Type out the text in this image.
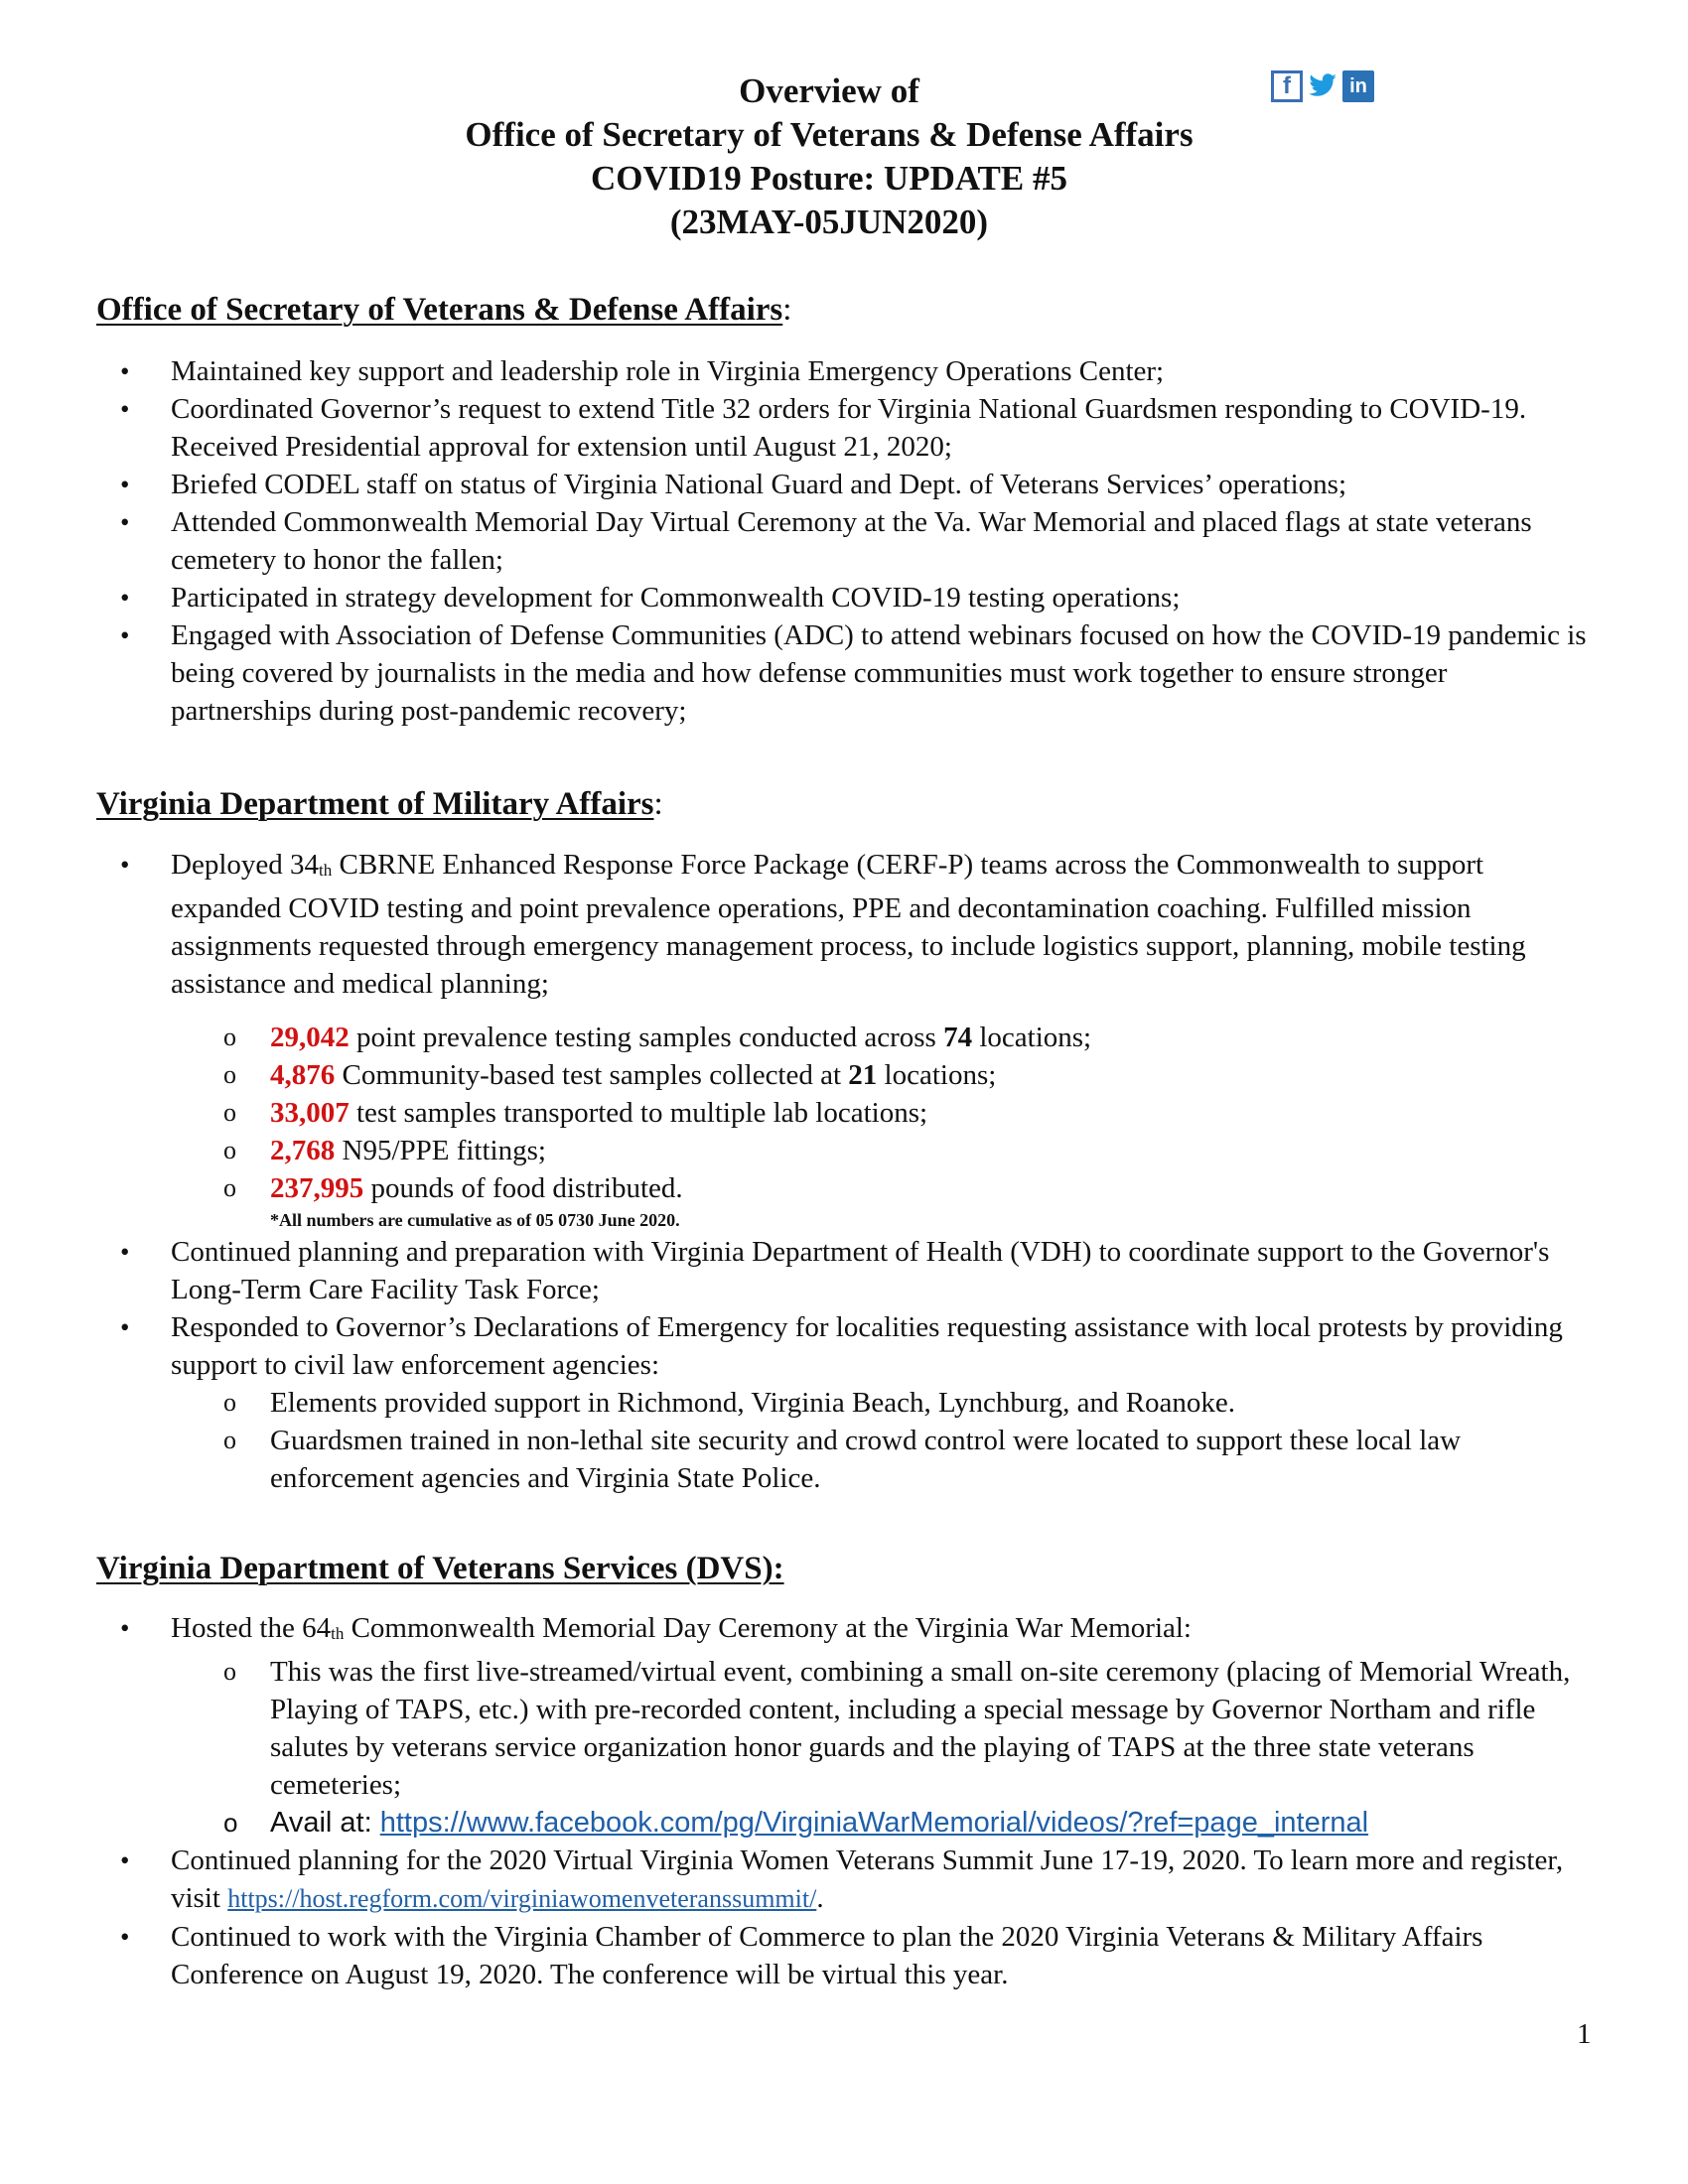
Overview of
Office of Secretary of Veterans & Defense Affairs
COVID19 Posture: UPDATE #5
(23MAY-05JUN2020)
f	in
Office of Secretary of Veterans & Defense Affairs:
• Maintained key support and leadership role in Virginia Emergency Operations Center;
• Coordinated Governor’s request to extend Title 32 orders for Virginia National Guardsmen responding to COVID-19. Received Presidential approval for extension until August 21, 2020;
• Briefed CODEL staff on status of Virginia National Guard and Dept. of Veterans Services’ operations;
• Attended Commonwealth Memorial Day Virtual Ceremony at the Va. War Memorial and placed flags at state veterans cemetery to honor the fallen;
• Participated in strategy development for Commonwealth COVID-19 testing operations;
• Engaged with Association of Defense Communities (ADC) to attend webinars focused on how the COVID-19 pandemic is being covered by journalists in the media and how defense communities must work together to ensure stronger partnerships during post-pandemic recovery;
Virginia Department of Military Affairs:
• Deployed $34_{th}$ CBRNE Enhanced Response Force Package (CERF-P) teams across the Commonwealth to support expanded COVID testing and point prevalence operations, PPE and decontamination coaching. Fulfilled mission assignments requested through emergency management process, to include logistics support, planning, mobile testing assistance and medical planning;
o 29,042 point prevalence testing samples conducted across 74 locations;
o 4,876 Community-based test samples collected at 21 locations;
o 33,007 test samples transported to multiple lab locations;
o 2,768 N95/PPE fittings;
o 237,995 pounds of food distributed.
*All numbers are cumulative as of 05 0730 June 2020.
• Continued planning and preparation with Virginia Department of Health (VDH) to coordinate support to the Governor's Long-Term Care Facility Task Force;
• Responded to Governor’s Declarations of Emergency for localities requesting assistance with local protests by providing support to civil law enforcement agencies:
o Elements provided support in Richmond, Virginia Beach, Lynchburg, and Roanoke.
o Guardsmen trained in non-lethal site security and crowd control were located to support these local law enforcement agencies and Virginia State Police.
Virginia Department of Veterans Services (DVS):
• Hosted the $64_{th}$ Commonwealth Memorial Day Ceremony at the Virginia War Memorial:
o This was the first live-streamed/virtual event, combining a small on-site ceremony (placing of Memorial Wreath, Playing of TAPS, etc.) with pre-recorded content, including a special message by Governor Northam and rifle salutes by veterans service organization honor guards and the playing of TAPS at the three state veterans cemeteries;
o Avail at: https://www.facebook.com/pg/VirginiaWarMemorial/videos/?ref=page_internal
• Continued planning for the 2020 Virtual Virginia Women Veterans Summit June 17-19, 2020. To learn more and register, visit https://host.regform.com/virginiawomenveteranssummit/.
• Continued to work with the Virginia Chamber of Commerce to plan the 2020 Virginia Veterans & Military Affairs Conference on August 19, 2020. The conference will be virtual this year.
1
